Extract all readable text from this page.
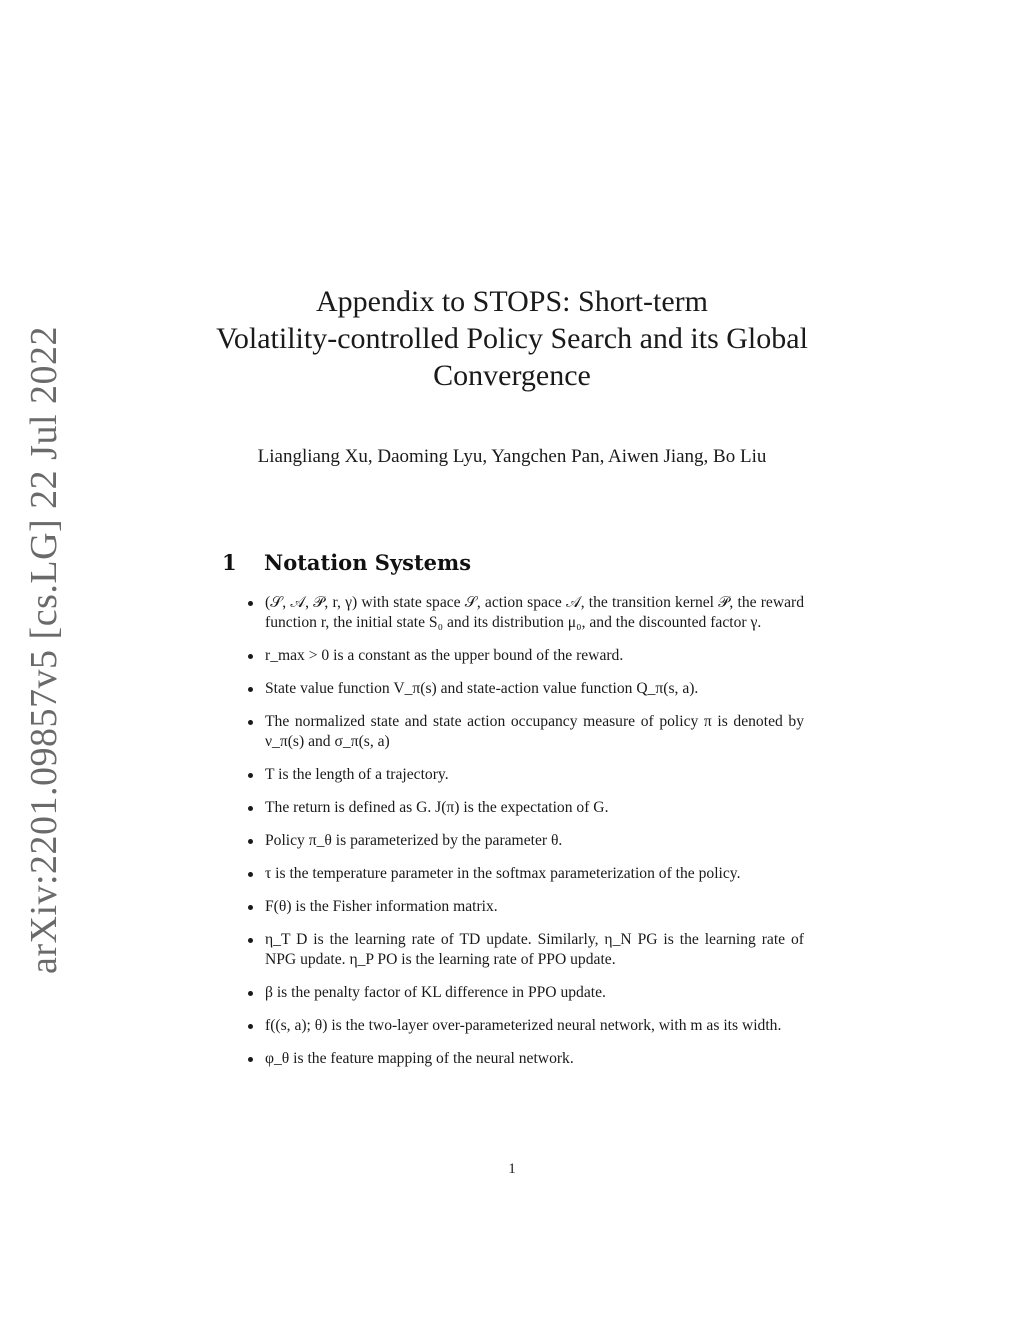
arXiv:2201.09857v5 [cs.LG] 22 Jul 2022
Appendix to STOPS: Short-term
Volatility-controlled Policy Search and its Global
Convergence
Liangliang Xu, Daoming Lyu, Yangchen Pan, Aiwen Jiang, Bo Liu
1 Notation Systems
(𝒮, 𝒜, 𝒫, r, γ) with state space 𝒮, action space 𝒜, the transition kernel 𝒫, the reward function r, the initial state S₀ and its distribution μ₀, and the discounted factor γ.
r_max > 0 is a constant as the upper bound of the reward.
State value function V_π(s) and state-action value function Q_π(s, a).
The normalized state and state action occupancy measure of policy π is denoted by ν_π(s) and σ_π(s, a)
T is the length of a trajectory.
The return is defined as G. J(π) is the expectation of G.
Policy π_θ is parameterized by the parameter θ.
τ is the temperature parameter in the softmax parameterization of the policy.
F(θ) is the Fisher information matrix.
η_T D is the learning rate of TD update. Similarly, η_N PG is the learning rate of NPG update. η_P PO is the learning rate of PPO update.
β is the penalty factor of KL difference in PPO update.
f((s, a); θ) is the two-layer over-parameterized neural network, with m as its width.
φ_θ is the feature mapping of the neural network.
1
